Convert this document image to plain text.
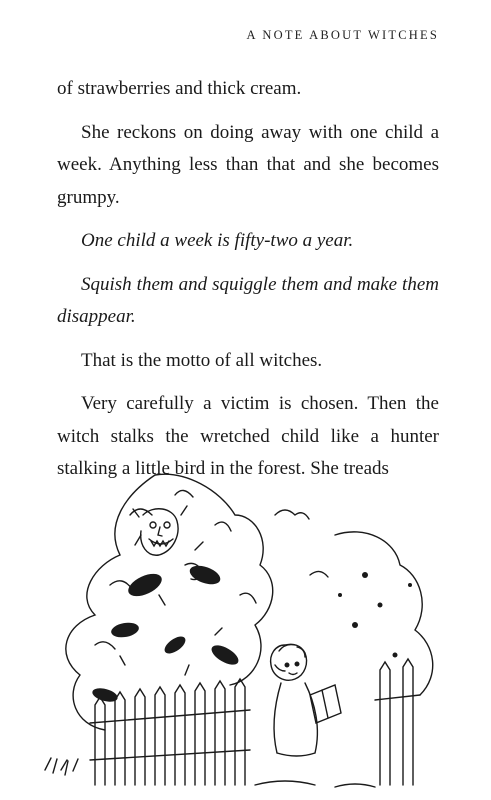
A NOTE ABOUT WITCHES

of strawberries and thick cream.

She reckons on doing away with one child a week. Anything less than that and she becomes grumpy.

One child a week is fifty-two a year.

Squish them and squiggle them and make them disappear.

That is the motto of all witches.

Very carefully a victim is chosen. Then the witch stalks the wretched child like a hunter stalking a little bird in the forest. She treads
